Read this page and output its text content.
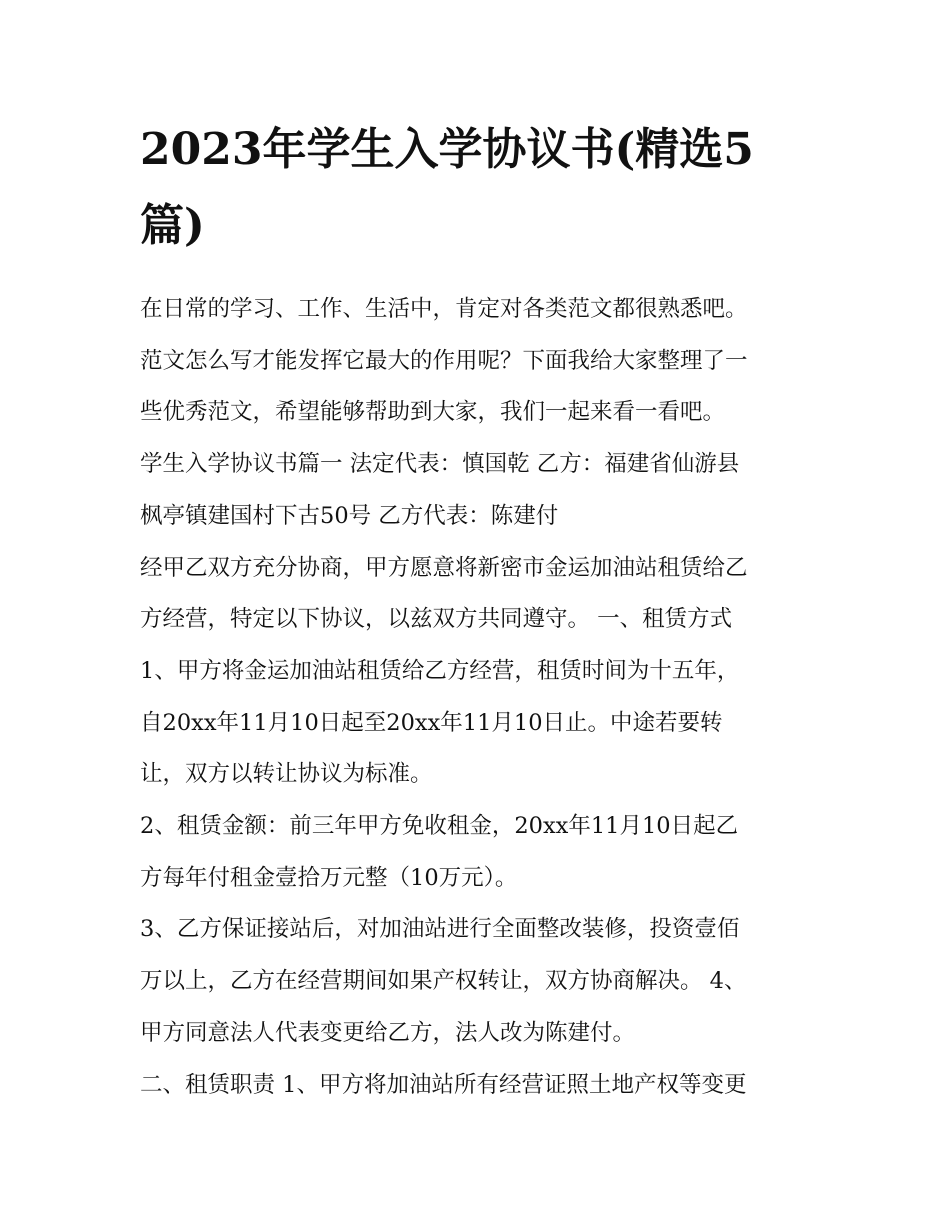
2023年学生入学协议书(精选5
篇)

在日常的学习、工作、生活中，肯定对各类范文都很熟悉吧。
范文怎么写才能发挥它最大的作用呢？下面我给大家整理了一
些优秀范文，希望能够帮助到大家，我们一起来看一看吧。

学生入学协议书篇一 法定代表：慎国乾 乙方：福建省仙游县
枫亭镇建国村下古50号 乙方代表：陈建付

经甲乙双方充分协商，甲方愿意将新密市金运加油站租赁给乙
方经营，特定以下协议，以兹双方共同遵守。 一、租赁方式

1、甲方将金运加油站租赁给乙方经营，租赁时间为十五年，
自20xx年11月10日起至20xx年11月10日止。中途若要转
让，双方以转让协议为标准。

2、租赁金额：前三年甲方免收租金，20xx年11月10日起乙
方每年付租金壹拾万元整（10万元）。

3、乙方保证接站后，对加油站进行全面整改装修，投资壹佰
万以上，乙方在经营期间如果产权转让，双方协商解决。 4、
甲方同意法人代表变更给乙方，法人改为陈建付。

二、租赁职责 1、甲方将加油站所有经营证照土地产权等变更
